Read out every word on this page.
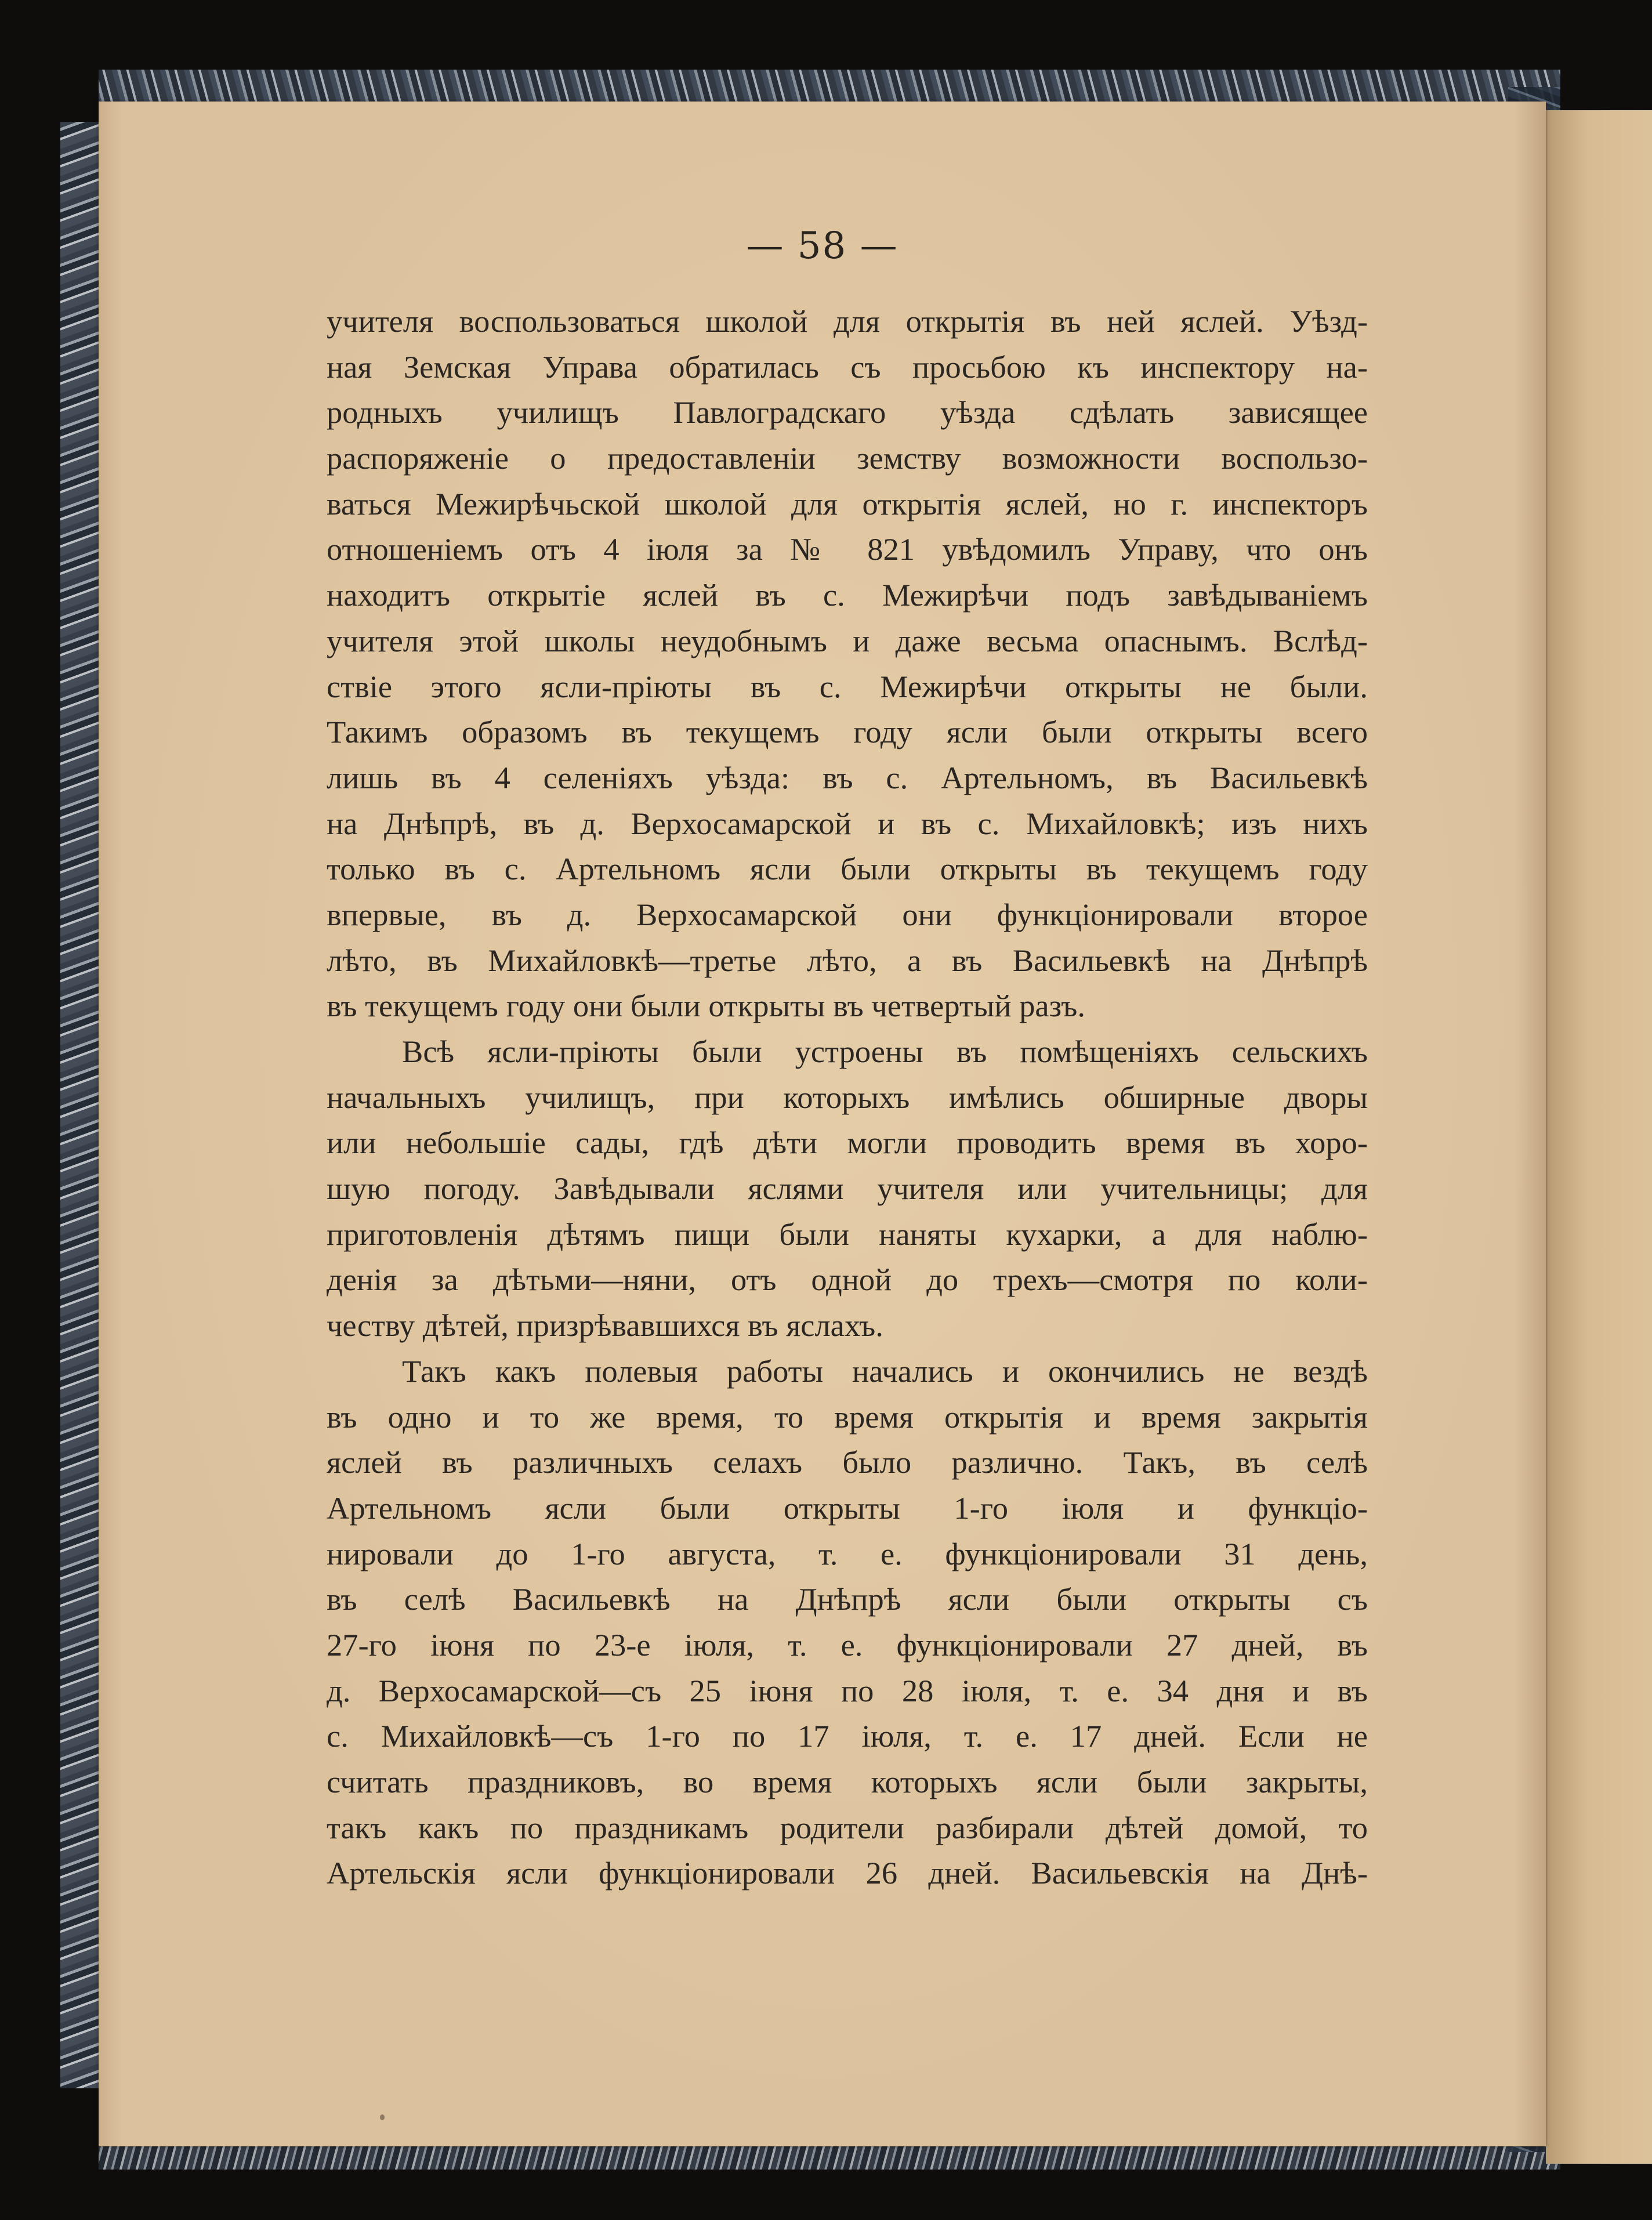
— 58 —
учителя воспользоваться школой для открытія въ ней яслей. Уѣзд-
ная Земская Управа обратилась съ просьбою къ инспектору на-
родныхъ училищъ Павлоградскаго уѣзда сдѣлать зависящее
распоряженіе о предоставленіи земству возможности воспользо-
ваться Межирѣчьской школой для открытія яслей, но г. инспекторъ
отношеніемъ отъ 4 іюля за № 821 увѣдомилъ Управу, что онъ
находитъ открытіе яслей въ с. Межирѣчи подъ завѣдываніемъ
учителя этой школы неудобнымъ и даже весьма опаснымъ. Вслѣд-
ствіе этого ясли-пріюты въ с. Межирѣчи открыты не были.
Такимъ образомъ въ текущемъ году ясли были открыты всего
лишь въ 4 селеніяхъ уѣзда: въ с. Артельномъ, въ Васильевкѣ
на Днѣпрѣ, въ д. Верхосамарской и въ с. Михайловкѣ; изъ нихъ
только въ с. Артельномъ ясли были открыты въ текущемъ году
впервые, въ д. Верхосамарской они функціонировали второе
лѣто, въ Михайловкѣ—третье лѣто, а въ Васильевкѣ на Днѣпрѣ
въ текущемъ году они были открыты въ четвертый разъ.
Всѣ ясли-пріюты были устроены въ помѣщеніяхъ сельскихъ
начальныхъ училищъ, при которыхъ имѣлись обширные дворы
или небольшіе сады, гдѣ дѣти могли проводить время въ хоро-
шую погоду. Завѣдывали яслями учителя или учительницы; для
приготовленія дѣтямъ пищи были наняты кухарки, а для наблю-
денія за дѣтьми—няни, отъ одной до трехъ—смотря по коли-
честву дѣтей, призрѣвавшихся въ яслахъ.
Такъ какъ полевыя работы начались и окончились не вездѣ
въ одно и то же время, то время открытія и время закрытія
яслей въ различныхъ селахъ было различно. Такъ, въ селѣ
Артельномъ ясли были открыты 1-го іюля и функціо-
нировали до 1-го августа, т. е. функціонировали 31 день,
въ селѣ Васильевкѣ на Днѣпрѣ ясли были открыты съ
27-го іюня по 23-е іюля, т. е. функціонировали 27 дней, въ
д. Верхосамарской—съ 25 іюня по 28 іюля, т. е. 34 дня и въ
с. Михайловкѣ—съ 1-го по 17 іюля, т. е. 17 дней. Если не
считать праздниковъ, во время которыхъ ясли были закрыты,
такъ какъ по праздникамъ родители разбирали дѣтей домой, то
Артельскія ясли функціонировали 26 дней. Васильевскія на Днѣ-
